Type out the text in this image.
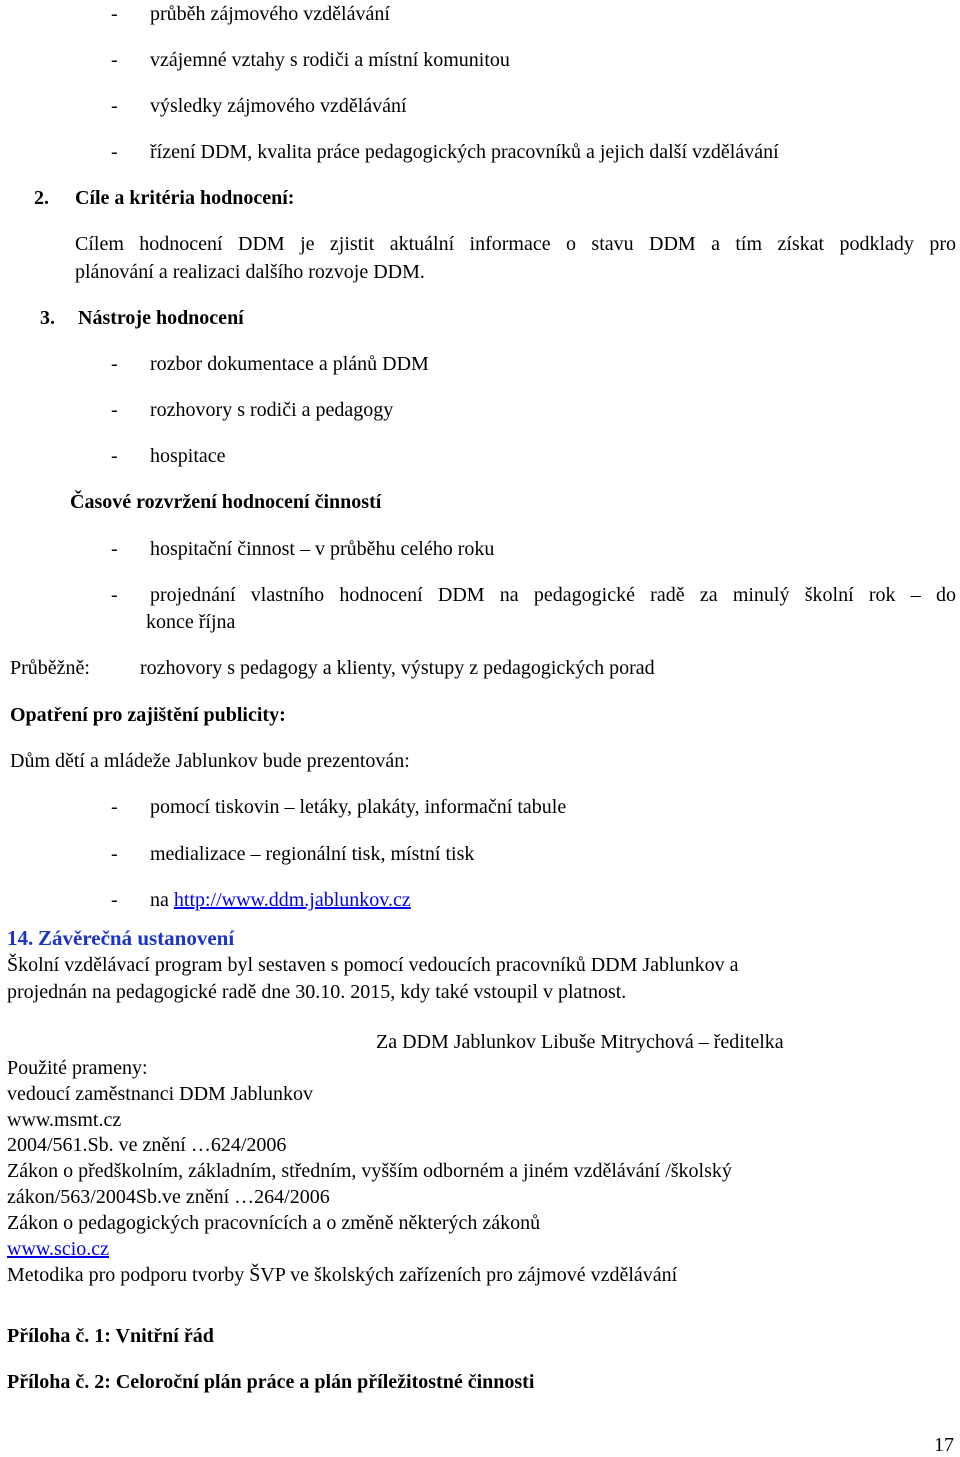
- průběh zájmového vzdělávání
- vzájemné vztahy s rodiči a místní komunitou
- výsledky zájmového vzdělávání
- řízení DDM, kvalita práce pedagogických pracovníků a jejich další vzdělávání
2. Cíle a kritéria hodnocení:
Cílem hodnocení DDM je zjistit aktuální informace o stavu DDM a tím získat podklady pro
plánování a realizaci dalšího rozvoje DDM.
3. Nástroje hodnocení
- rozbor dokumentace a plánů DDM
- rozhovory s rodiči a pedagogy
- hospitace
Časové rozvržení hodnocení činností
- hospitační činnost – v průběhu celého roku
- projednání vlastního hodnocení DDM na pedagogické radě za minulý školní rok – do
konce října
Průběžně:	rozhovory s pedagogy a klienty, výstupy z pedagogických porad
Opatření pro zajištění publicity:
Dům dětí a mládeže Jablunkov bude prezentován:
- pomocí tiskovin – letáky, plakáty, informační tabule
- medializace – regionální tisk, místní tisk
- na http://www.ddm.jablunkov.cz
14. Závěrečná ustanovení
Školní vzdělávací program byl sestaven s pomocí vedoucích pracovníků DDM Jablunkov a
projednán na pedagogické radě dne 30.10. 2015, kdy také vstoupil v platnost.
Za DDM Jablunkov Libuše Mitrychová – ředitelka
Použité prameny:
vedoucí zaměstnanci DDM Jablunkov
www.msmt.cz
2004/561.Sb. ve znění …624/2006
Zákon o předškolním, základním, středním, vyšším odborném a jiném vzdělávání /školský
zákon/563/2004Sb.ve znění …264/2006
Zákon o pedagogických pracovnících a o změně některých zákonů
www.scio.cz
Metodika pro podporu tvorby ŠVP ve školských zařízeních pro zájmové vzdělávání
Příloha č. 1: Vnitřní řád
Příloha č. 2: Celoroční plán práce a plán příležitostné činnosti
17
